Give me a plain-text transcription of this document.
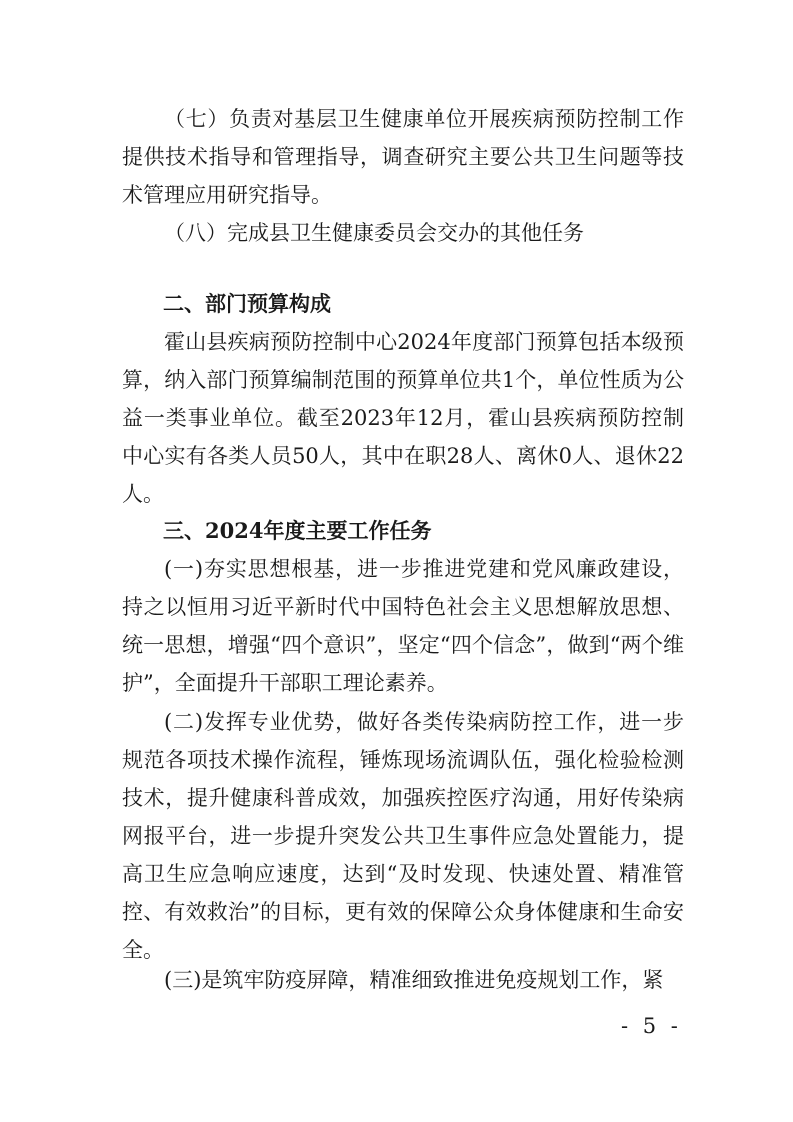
（七）负责对基层卫生健康单位开展疾病预防控制工作提供技术指导和管理指导，调查研究主要公共卫生问题等技术管理应用研究指导。

（八）完成县卫生健康委员会交办的其他任务

二、部门预算构成

霍山县疾病预防控制中心2024年度部门预算包括本级预算，纳入部门预算编制范围的预算单位共1个，单位性质为公益一类事业单位。截至2023年12月，霍山县疾病预防控制中心实有各类人员50人，其中在职28人、离休0人、退休22人。

三、2024年度主要工作任务

(一)夯实思想根基，进一步推进党建和党风廉政建设，持之以恒用习近平新时代中国特色社会主义思想解放思想、统一思想，增强“四个意识”，坚定“四个信念”，做到“两个维护”，全面提升干部职工理论素养。

(二)发挥专业优势，做好各类传染病防控工作，进一步规范各项技术操作流程，锤炼现场流调队伍，强化检验检测技术，提升健康科普成效，加强疾控医疗沟通，用好传染病网报平台，进一步提升突发公共卫生事件应急处置能力，提高卫生应急响应速度，达到“及时发现、快速处置、精准管控、有效救治”的目标，更有效的保障公众身体健康和生命安全。

(三)是筑牢防疫屏障，精准细致推进免疫规划工作，紧

- 5 -
